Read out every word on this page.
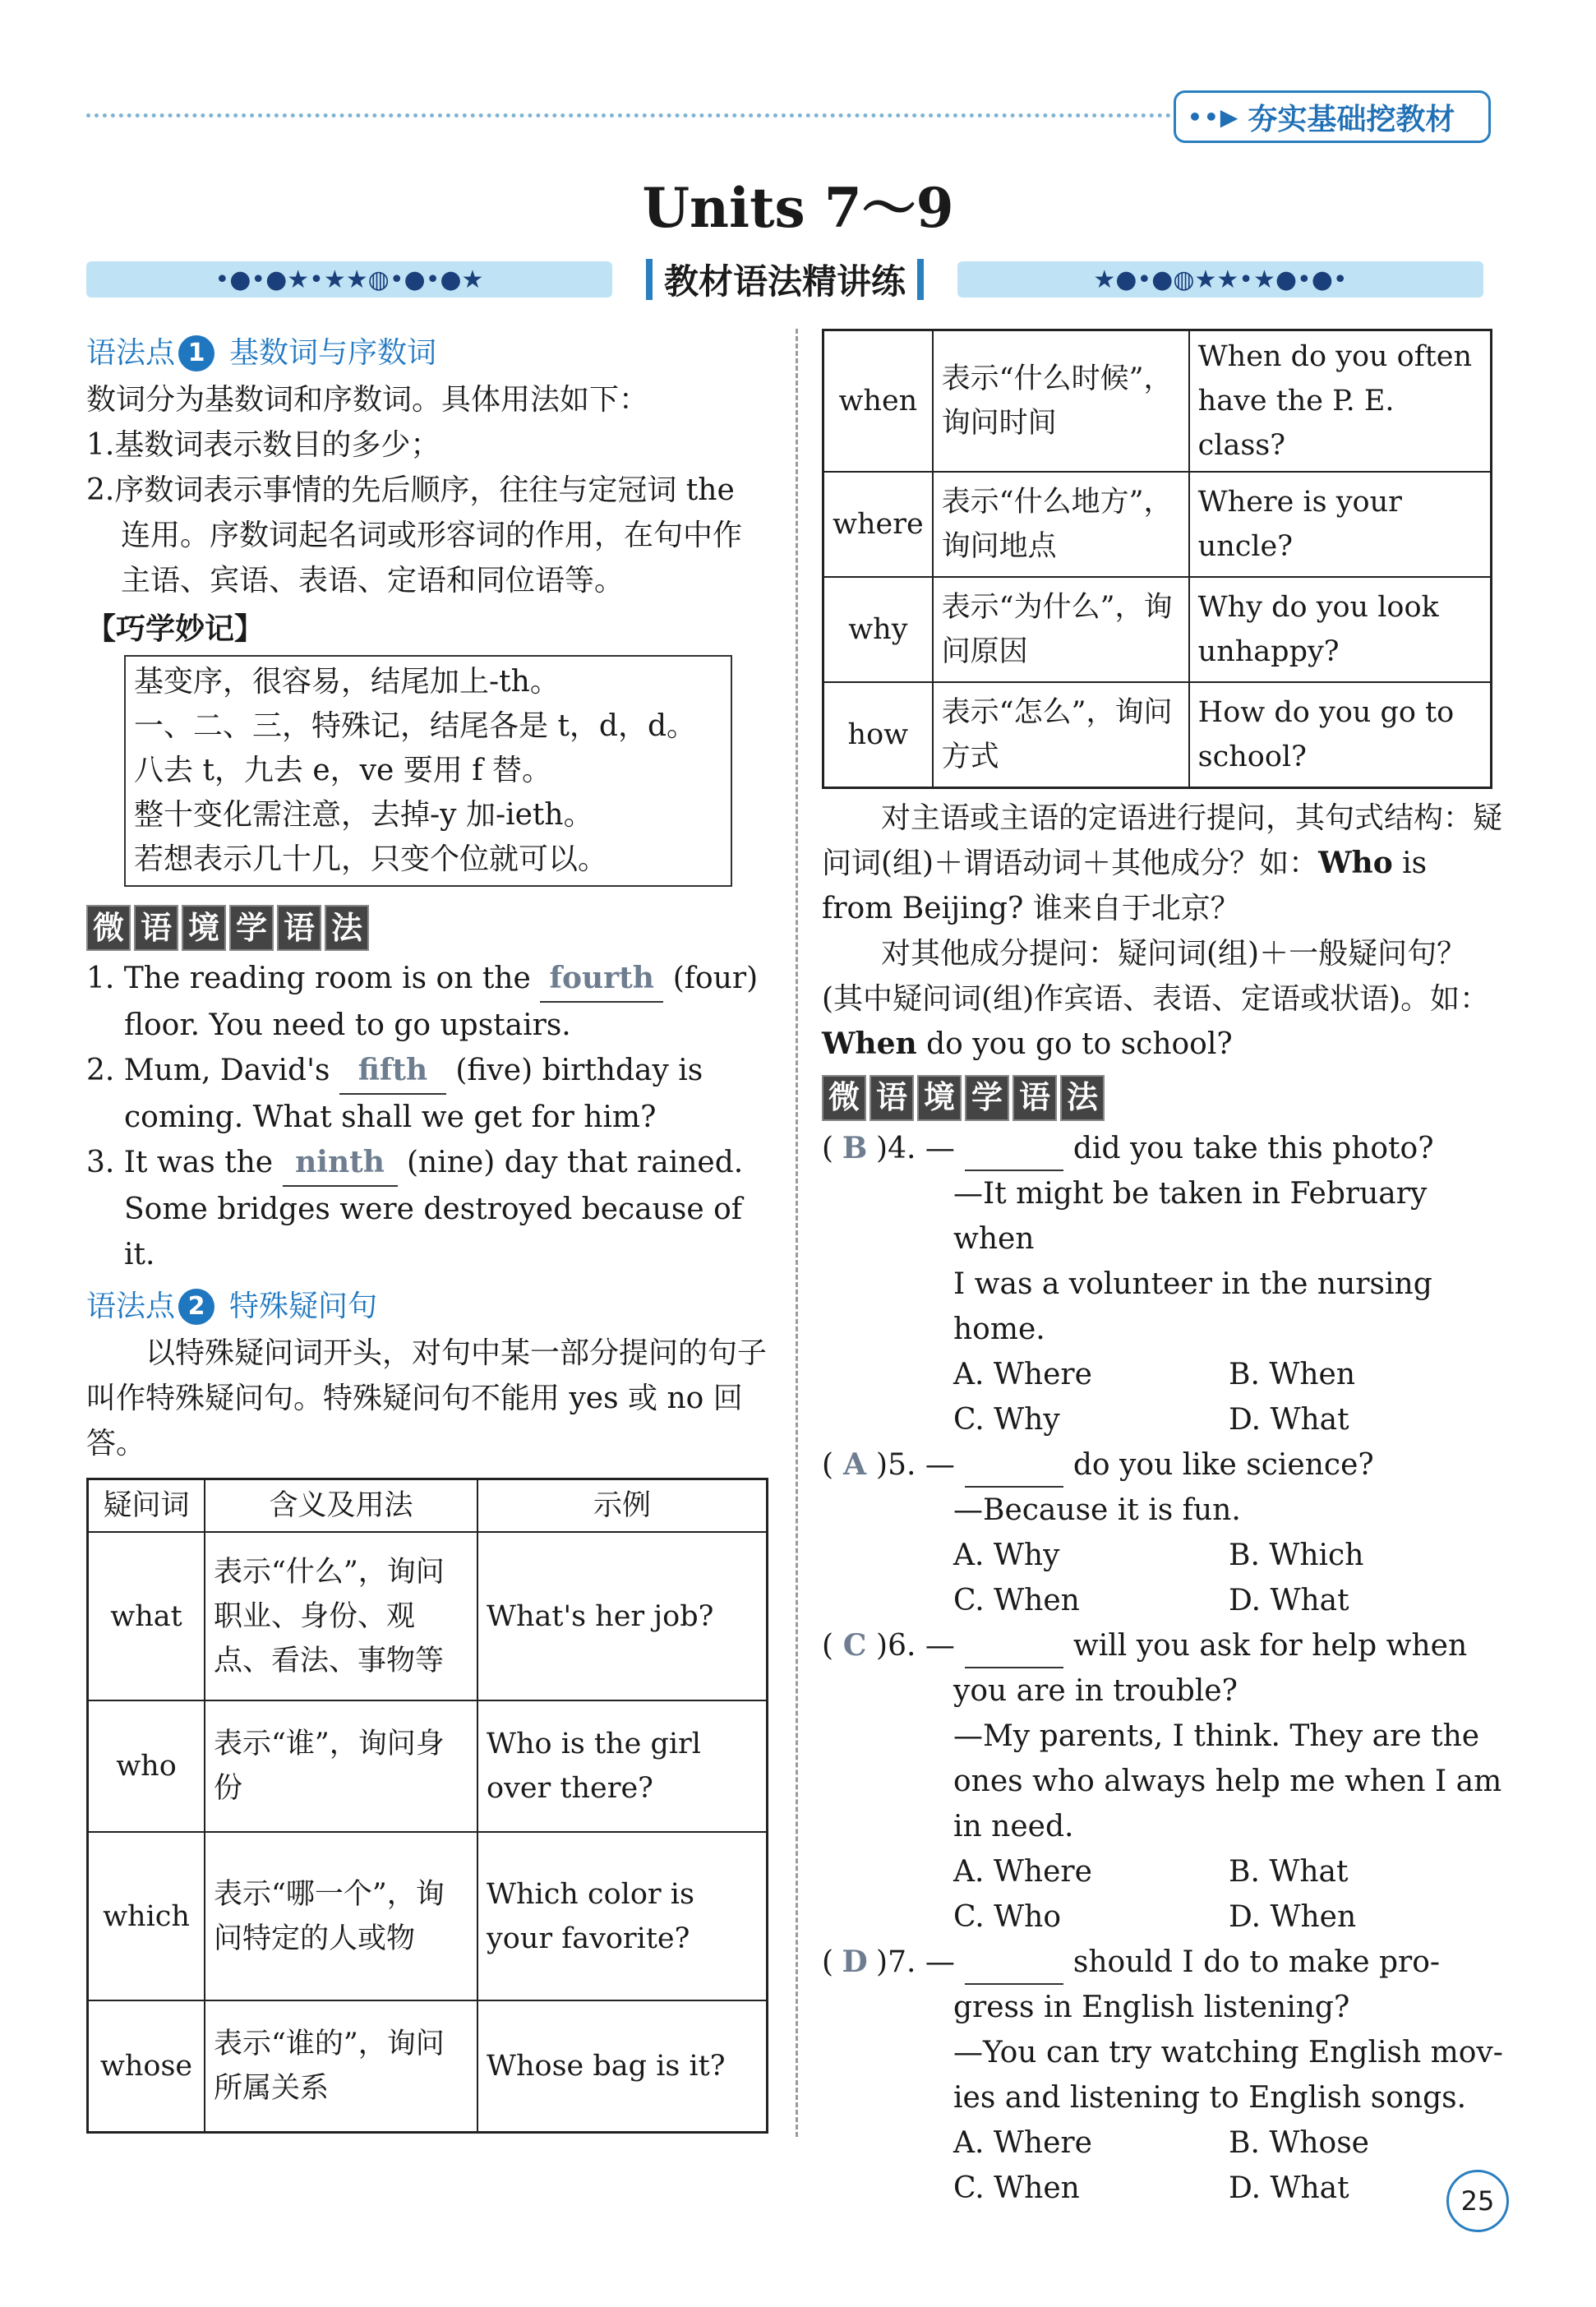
••▶ 夯实基础挖教材
Units 7～9
•●•●★•★★◍•●•●★	教材语法精讲练	★●•●◍★★•★●•●•
语法点 1 基数词与序数词

数词分为基数词和序数词。具体用法如下：

1.基数词表示数目的多少；

2.序数词表示事情的先后顺序，往往与定冠词 the 连用。序数词起名词或形容词的作用，在句中作主语、宾语、表语、定语和同位语等。

【巧学妙记】

基变序，很容易，结尾加上-th。
一、二、三，特殊记，结尾各是 t，d，d。
八去 t，九去 e，ve 要用 f 替。
整十变化需注意，去掉-y 加-ieth。
若想表示几十几，只变个位就可以。
微 语 境 学 语 法

1. The reading room is on the fourth (four)

floor. You need to go upstairs.

2. Mum, David's fifth (five) birthday is

coming. What shall we get for him?

3. It was the ninth (nine) day that rained.

Some bridges were destroyed because of it.

语法点 2 特殊疑问句

以特殊疑问词开头，对句中某一部分提问的句子叫作特殊疑问句。特殊疑问句不能用 yes 或 no 回答。

疑问词	含义及用法	示例
what	表示“什么”，询问职业、身份、观点、看法、事物等	What's her job?
who	表示“谁”，询问身份	Who is the girl over there?
which	表示“哪一个”，询问特定的人或物	Which color is your favorite?
whose	表示“谁的”，询问所属关系	Whose bag is it?
when	表示“什么时候”，询问时间	When do you often have the P. E. class?
where	表示“什么地方”，询问地点	Where is your uncle?
why	表示“为什么”，询问原因	Why do you look unhappy?
how	表示“怎么”，询问方式	How do you go to school?

对主语或主语的定语进行提问，其句式结构：疑问词(组)＋谓语动词＋其他成分？如：Who is from Beijing? 谁来自于北京？

对其他成分提问：疑问词(组)＋一般疑问句？(其中疑问词(组)作宾语、表语、定语或状语)。如：When do you go to school?

微 语 境 学 语 法
( B )4. —	did you take this photo?
—It might be taken in February when
I was a volunteer in the nursing home.
A. Where	B. When
C. Why	D. What
( A )5. —	do you like science?
—Because it is fun.
A. Why	B. Which
C. When	D. What
( C )6. —	will you ask for help when
you are in trouble?
—My parents, I think. They are the
ones who always help me when I am
in need.
A. Where	B. What
C. Who	D. When
( D )7. —	should I do to make pro-
gress in English listening?
—You can try watching English mov-
ies and listening to English songs.
A. Where	B. Whose
C. When	D. What	25
